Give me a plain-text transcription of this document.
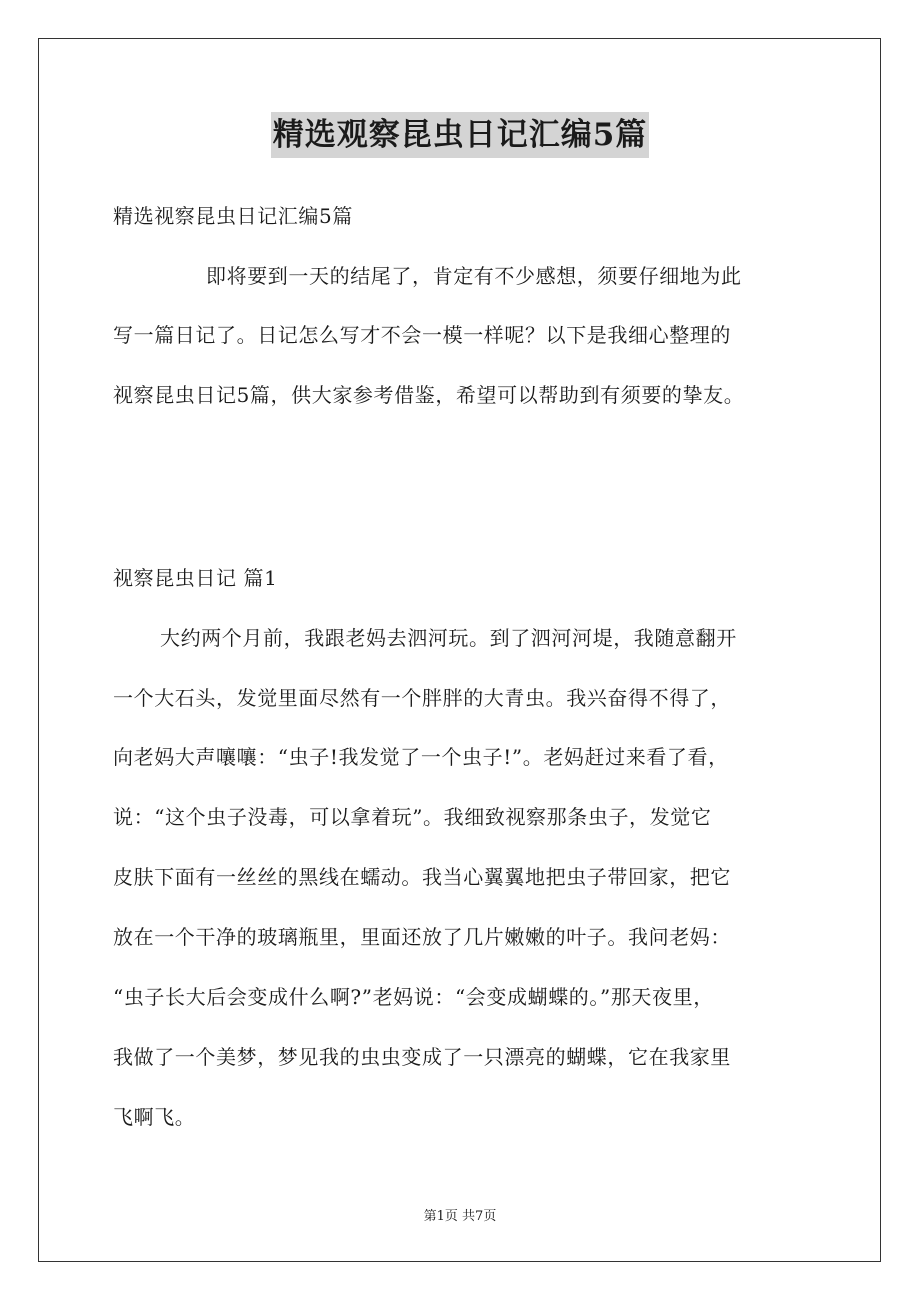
精选观察昆虫日记汇编5篇
精选视察昆虫日记汇编5篇
即将要到一天的结尾了，肯定有不少感想，须要仔细地为此
写一篇日记了。日记怎么写才不会一模一样呢？以下是我细心整理的
视察昆虫日记5篇，供大家参考借鉴，希望可以帮助到有须要的挚友。
视察昆虫日记 篇1
大约两个月前，我跟老妈去泗河玩。到了泗河河堤，我随意翻开
一个大石头，发觉里面尽然有一个胖胖的大青虫。我兴奋得不得了，
向老妈大声嚷嚷：“虫子!我发觉了一个虫子!”。老妈赶过来看了看，
说：“这个虫子没毒，可以拿着玩”。我细致视察那条虫子，发觉它
皮肤下面有一丝丝的黑线在蠕动。我当心翼翼地把虫子带回家，把它
放在一个干净的玻璃瓶里，里面还放了几片嫩嫩的叶子。我问老妈：
“虫子长大后会变成什么啊?”老妈说：“会变成蝴蝶的。”那天夜里，
我做了一个美梦，梦见我的虫虫变成了一只漂亮的蝴蝶，它在我家里
飞啊飞。
第1页 共7页
